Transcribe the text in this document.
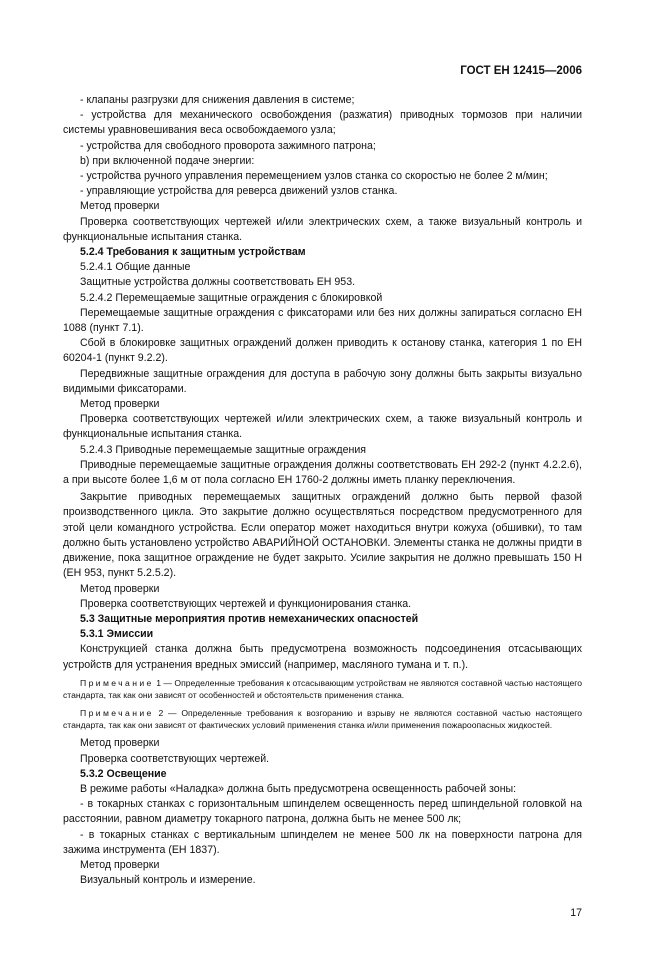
ГОСТ ЕН 12415—2006

- клапаны разгрузки для снижения давления в системе;

- устройства для механического освобождения (разжатия) приводных тормозов при наличии системы уравновешивания веса освобождаемого узла;

- устройства для свободного проворота зажимного патрона;

b) при включенной подаче энергии:

- устройства ручного управления перемещением узлов станка со скоростью не более 2 м/мин;

- управляющие устройства для реверса движений узлов станка.

Метод проверки

Проверка соответствующих чертежей и/или электрических схем, а также визуальный контроль и функциональные испытания станка.

5.2.4 Требования к защитным устройствам

5.2.4.1 Общие данные

Защитные устройства должны соответствовать ЕН 953.

5.2.4.2 Перемещаемые защитные ограждения с блокировкой

Перемещаемые защитные ограждения с фиксаторами или без них должны запираться согласно ЕН 1088 (пункт 7.1).

Сбой в блокировке защитных ограждений должен приводить к останову станка, категория 1 по ЕН 60204-1 (пункт 9.2.2).

Передвижные защитные ограждения для доступа в рабочую зону должны быть закрыты визуально видимыми фиксаторами.

Метод проверки

Проверка соответствующих чертежей и/или электрических схем, а также визуальный контроль и функциональные испытания станка.

5.2.4.3 Приводные перемещаемые защитные ограждения

Приводные перемещаемые защитные ограждения должны соответствовать ЕН 292-2 (пункт 4.2.2.6), а при высоте более 1,6 м от пола согласно ЕН 1760-2 должны иметь планку переключения.

Закрытие приводных перемещаемых защитных ограждений должно быть первой фазой производственного цикла. Это закрытие должно осуществляться посредством предусмотренного для этой цели командного устройства. Если оператор может находиться внутри кожуха (обшивки), то там должно быть установлено устройство АВАРИЙНОЙ ОСТАНОВКИ. Элементы станка не должны придти в движение, пока защитное ограждение не будет закрыто. Усилие закрытия не должно превышать 150 Н (ЕН 953, пункт 5.2.5.2).

Метод проверки

Проверка соответствующих чертежей и функционирования станка.

5.3 Защитные мероприятия против немеханических опасностей

5.3.1 Эмиссии

Конструкцией станка должна быть предусмотрена возможность подсоединения отсасывающих устройств для устранения вредных эмиссий (например, масляного тумана и т. п.).

Примечание 1 — Определенные требования к отсасывающим устройствам не являются составной частью настоящего стандарта, так как они зависят от особенностей и обстоятельств применения станка.

Примечание 2 — Определенные требования к возгоранию и взрыву не являются составной частью настоящего стандарта, так как они зависят от фактических условий применения станка и/или применения пожароопасных жидкостей.

Метод проверки

Проверка соответствующих чертежей.

5.3.2 Освещение

В режиме работы «Наладка» должна быть предусмотрена освещенность рабочей зоны:

- в токарных станках с горизонтальным шпинделем освещенность перед шпиндельной головкой на расстоянии, равном диаметру токарного патрона, должна быть не менее 500 лк;

- в токарных станках с вертикальным шпинделем не менее 500 лк на поверхности патрона для зажима инструмента (ЕН 1837).

Метод проверки

Визуальный контроль и измерение.

17
